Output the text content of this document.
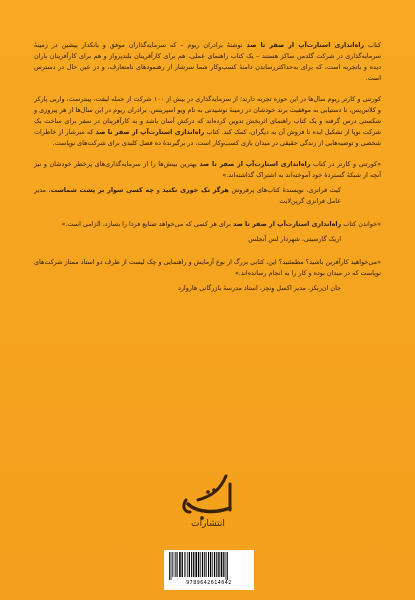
کتاب راه‌اندازی استارت‌آپ از صفر تا صد نوشتهٔ برادران ریوم – که سرمایه‌گذاران موفق و بانکدار پیشین در زمینهٔ سرمایه‌گذاری در شرکت گلدمن ساکز هستند – یک کتاب راهنمای عملی، هم برای کارآفرینان بلندپرواز و هم برای کارآفرینان باران دیده و باتجربه است، که برای به‌حداکثررساندن دامنهٔ کسب‌وکار شما سرشار از رهنمودهای نامتعارف، و در عین حال در دسترس است.

کورتنی و کارتر ریوم سال‌ها در این حوزه تجربه دارند؛ از سرمایه‌گذاری در بیش از ۱۰۰ شرکت از جمله لیفت، پینترست، واربی پارکر و کلاس‌پس، تا دستیابی به موفقیت برند خودشان در زمینهٔ نوشیدنی به نام ویو اسپریتس. برادران ریوم در این سال‌ها از هر پیروزی و شکستی درس گرفته و یک کتاب راهنمای اثربخش تدوین کرده‌اند که درکش آسان باشد و به کارآفرینان در سفر برای ساخت یک شرکت نوپا از تشکیل ایده تا فروش آن به دیگران، کمک کند. کتاب راه‌اندازی استارت‌آپ از صفر تا صد که سرشار از خاطرات شخصی و توصیه‌هایی از زندگی حقیقی در میدان بازی کسب‌وکار است، در برگیرندهٔ ده فصل کلیدی برای شرکت‌های نوپاست.

«کورتنی و کارتر در کتاب راه‌اندازی استارت‌آپ از صفر تا صد بهترین بینش‌ها را از سرمایه‌گذاری‌های پرخطر خودشان و نیز آنچه از شبکهٔ گستردهٔ خود آموخته‌اند به اشتراک گذاشته‌اند.»

کیت فرانزی، نویسندهٔ کتاب‌های پرفروش هرگز تک خوری نکنید و چه کسی سوار بر پشت شماست، مدیر عامل فرانزی گرین‌لایت

«خواندن کتاب راه‌اندازی استارت‌آپ از صفر تا صد برای هر کسی که می‌خواهد صنایع فردا را بسازد، الزامی است.»

اریک گارسیتی، شهردار لس آنجلس

«می‌خواهید کارآفرین باشید؟ مطمئنید؟ این، کتابی بزرگ از نوع آزمایش و راهنمایی و چک لیست از طرف دو استاد ممتاز شرکت‌های نوپاست که در میدان بوده و کار را به انجام رسانده‌اند.»

جان ان‌ریکز، مدیر اکسل وِنچر، استاد مدرسهٔ بازرگانی هاروارد

انتشارات
مبلغان
9789642614042
